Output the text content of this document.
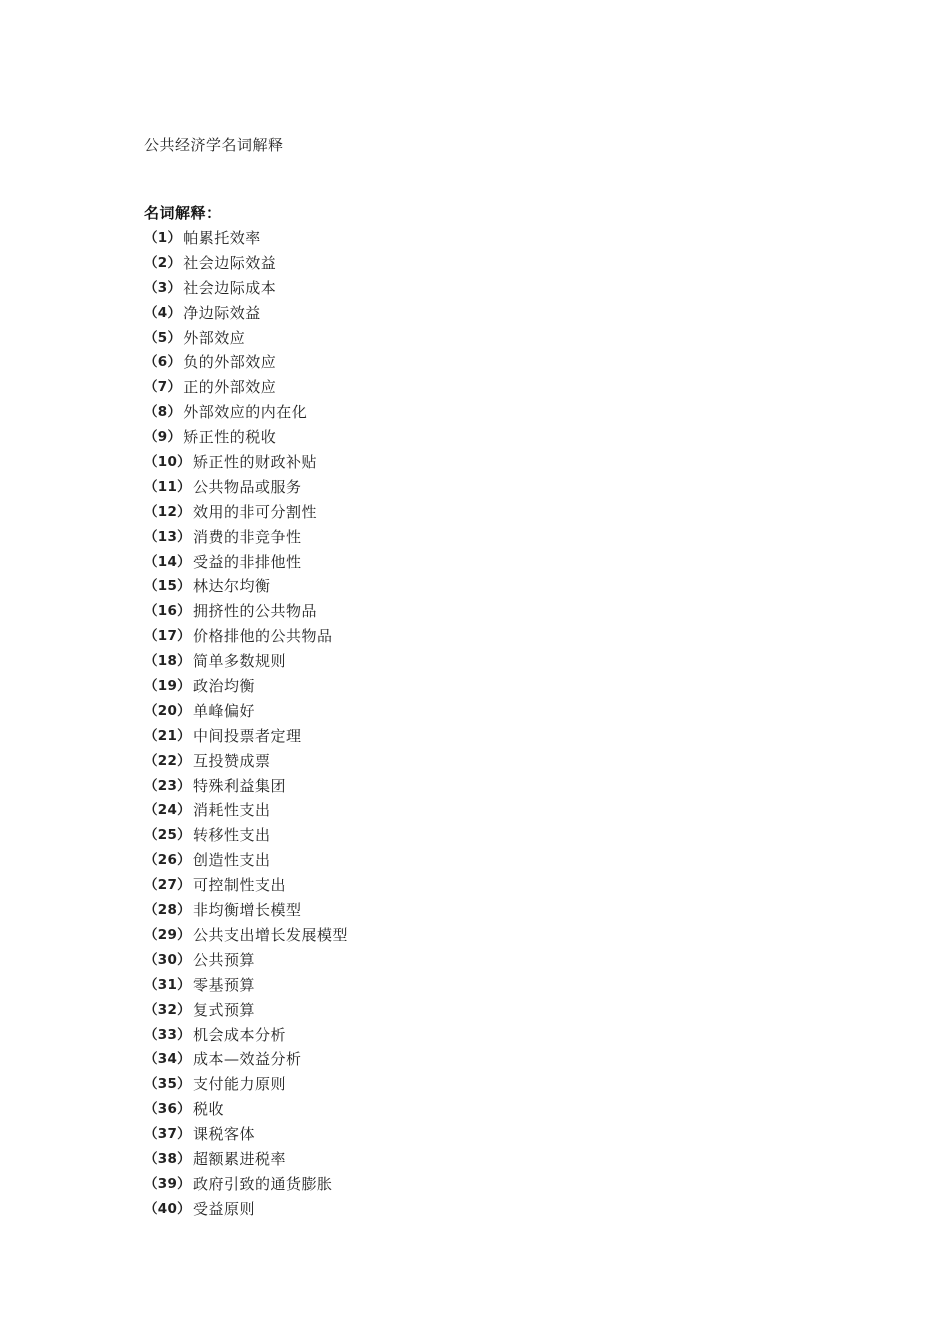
公共经济学名词解释
名词解释：
（1） 帕累托效率
（2） 社会边际效益
（3） 社会边际成本
（4） 净边际效益
（5） 外部效应
（6） 负的外部效应
（7） 正的外部效应
（8） 外部效应的内在化
（9） 矫正性的税收
（10） 矫正性的财政补贴
（11） 公共物品或服务
（12） 效用的非可分割性
（13） 消费的非竞争性
（14） 受益的非排他性
（15） 林达尔均衡
（16） 拥挤性的公共物品
（17） 价格排他的公共物品
（18） 简单多数规则
（19） 政治均衡
（20） 单峰偏好
（21） 中间投票者定理
（22） 互投赞成票
（23） 特殊利益集团
（24） 消耗性支出
（25） 转移性支出
（26） 创造性支出
（27） 可控制性支出
（28） 非均衡增长模型
（29） 公共支出增长发展模型
（30） 公共预算
（31） 零基预算
（32） 复式预算
（33） 机会成本分析
（34） 成本—效益分析
（35） 支付能力原则
（36） 税收
（37） 课税客体
（38） 超额累进税率
（39） 政府引致的通货膨胀
（40） 受益原则
